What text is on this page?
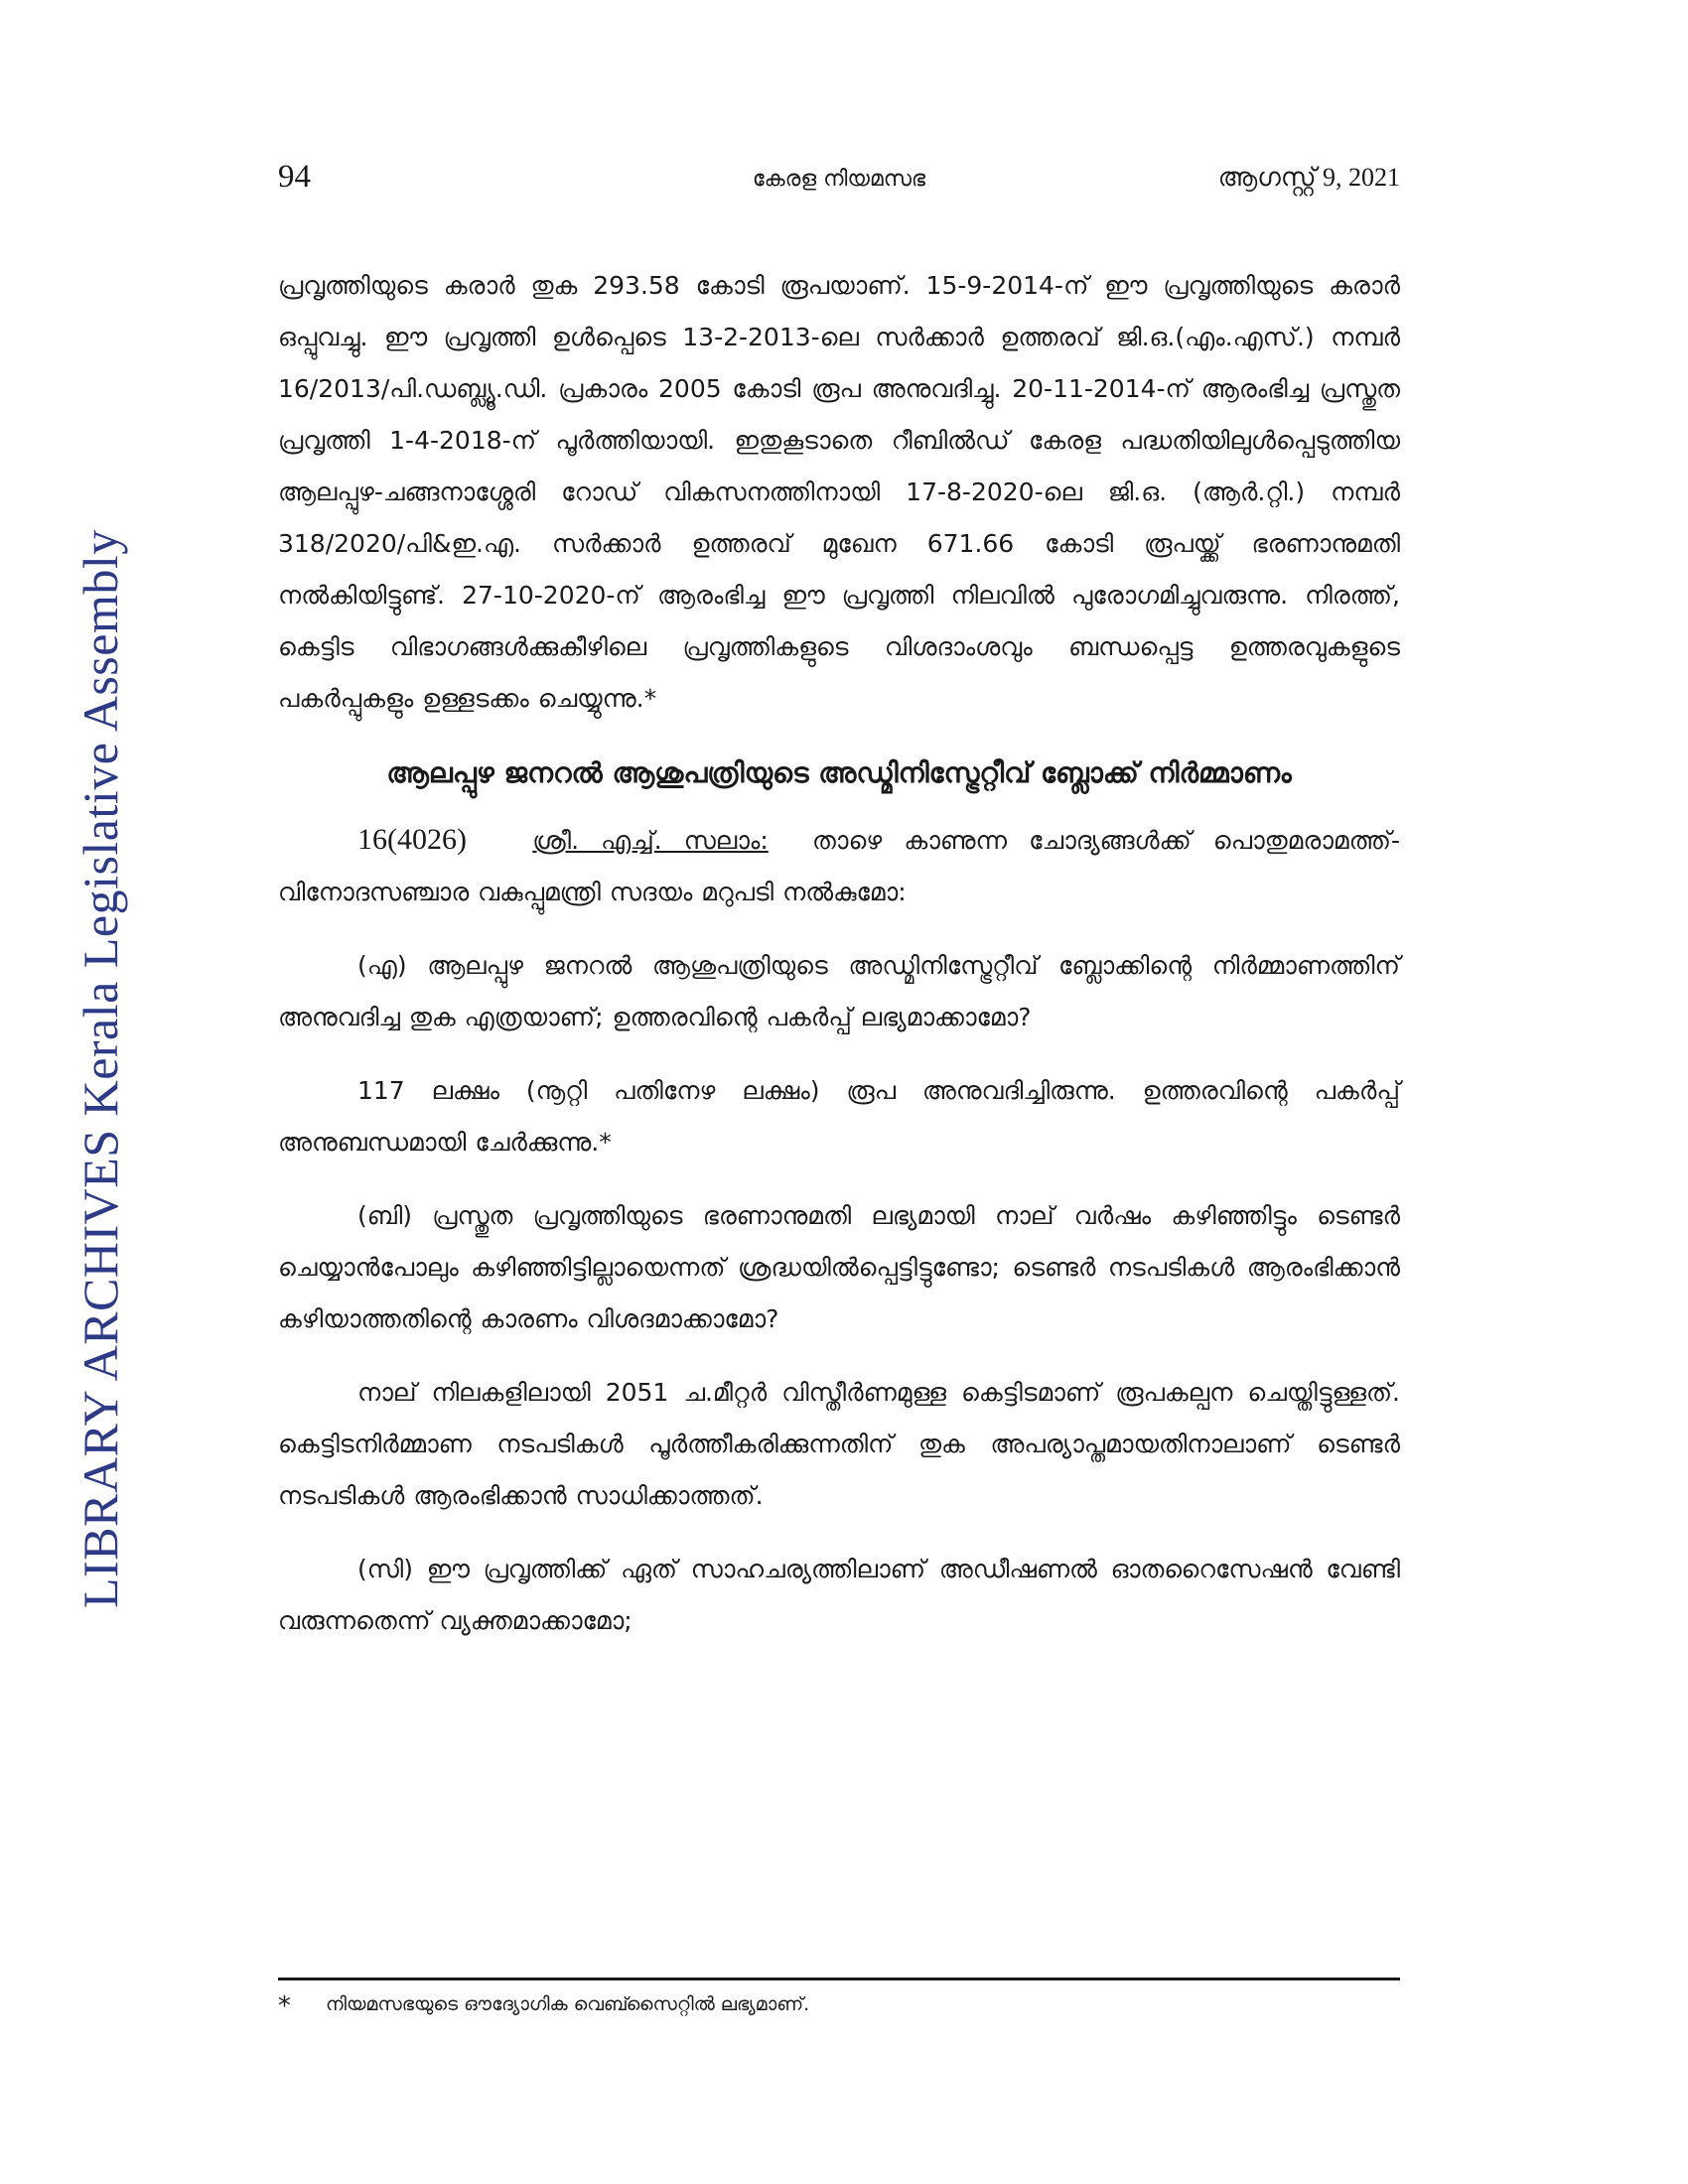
LIBRARY ARCHIVES Kerala Legislative Assembly
94	കേരള നിയമസഭ	ആഗസ്റ്റ് 9, 2021

പ്രവൃത്തിയുടെ കരാർ തുക 293.58 കോടി രൂപയാണ്. 15-9-2014-ന് ഈ പ്രവൃത്തിയുടെ കരാർ ഒപ്പുവച്ചു. ഈ പ്രവൃത്തി ഉൾപ്പെടെ 13-2-2013-ലെ സർക്കാർ ഉത്തരവ് ജി.ഒ.(എം.എസ്.) നമ്പർ 16/2013/പി.ഡബ്ല്യൂ.ഡി. പ്രകാരം 2005 കോടി രൂപ അനുവദിച്ചു. 20-11-2014-ന് ആരംഭിച്ച പ്രസ്തുത പ്രവൃത്തി 1-4-2018-ന് പൂർത്തിയായി. ഇതുകൂടാതെ റീബിൽഡ് കേരള പദ്ധതിയിലുൾപ്പെടുത്തിയ ആലപ്പുഴ-ചങ്ങനാശ്ശേരി റോഡ് വികസനത്തിനായി 17-8-2020-ലെ ജി.ഒ. (ആർ.റ്റി.) നമ്പർ 318/2020/പി&ഇ.എ. സർക്കാർ ഉത്തരവ് മുഖേന 671.66 കോടി രൂപയ്ക്ക് ഭരണാനുമതി നൽകിയിട്ടുണ്ട്. 27-10-2020-ന് ആരംഭിച്ച ഈ പ്രവൃത്തി നിലവിൽ പുരോഗമിച്ചുവരുന്നു. നിരത്ത്, കെട്ടിട വിഭാഗങ്ങൾക്കുകീഴിലെ പ്രവൃത്തികളുടെ വിശദാംശവും ബന്ധപ്പെട്ട ഉത്തരവുകളുടെ പകർപ്പുകളും ഉള്ളടക്കം ചെയ്യുന്നു.*

ആലപ്പുഴ ജനറൽ ആശുപത്രിയുടെ അഡ്മിനിസ്ട്രേറ്റീവ് ബ്ലോക്ക് നിർമ്മാണം

16(4026)	ശ്രീ. എച്ച്. സലാം: താഴെ കാണുന്ന ചോദ്യങ്ങൾക്ക് പൊതുമരാമത്ത്-വിനോദസഞ്ചാര വകുപ്പുമന്ത്രി സദയം മറുപടി നൽകുമോ:

(എ) ആലപ്പുഴ ജനറൽ ആശുപത്രിയുടെ അഡ്മിനിസ്ട്രേറ്റീവ് ബ്ലോക്കിന്റെ നിർമ്മാണത്തിന് അനുവദിച്ച തുക എത്രയാണ്; ഉത്തരവിന്റെ പകർപ്പ് ലഭ്യമാക്കാമോ?

117 ലക്ഷം (നൂറ്റി പതിനേഴ ലക്ഷം) രൂപ അനുവദിച്ചിരുന്നു. ഉത്തരവിന്റെ പകർപ്പ് അനുബന്ധമായി ചേർക്കുന്നു.*

(ബി) പ്രസ്തുത പ്രവൃത്തിയുടെ ഭരണാനുമതി ലഭ്യമായി നാല് വർഷം കഴിഞ്ഞിട്ടും ടെണ്ടർ ചെയ്യാൻപോലും കഴിഞ്ഞിട്ടില്ലായെന്നത് ശ്രദ്ധയിൽപ്പെട്ടിട്ടുണ്ടോ; ടെണ്ടർ നടപടികൾ ആരംഭിക്കാൻ കഴിയാത്തതിന്റെ കാരണം വിശദമാക്കാമോ?

നാല് നിലകളിലായി 2051 ച.മീറ്റർ വിസ്തീർണമുള്ള കെട്ടിടമാണ് രൂപകല്പന ചെയ്തിട്ടുള്ളത്. കെട്ടിടനിർമ്മാണ നടപടികൾ പൂർത്തീകരിക്കുന്നതിന് തുക അപര്യാപ്തമായതിനാലാണ് ടെണ്ടർ നടപടികൾ ആരംഭിക്കാൻ സാധിക്കാത്തത്.

(സി) ഈ പ്രവൃത്തിക്ക് ഏത് സാഹചര്യത്തിലാണ് അഡീഷണൽ ഓതറൈസേഷൻ വേണ്ടി വരുന്നതെന്ന് വ്യക്തമാക്കാമോ;

* നിയമസഭയുടെ ഔദ്യോഗിക വെബ്സൈറ്റിൽ ലഭ്യമാണ്.
